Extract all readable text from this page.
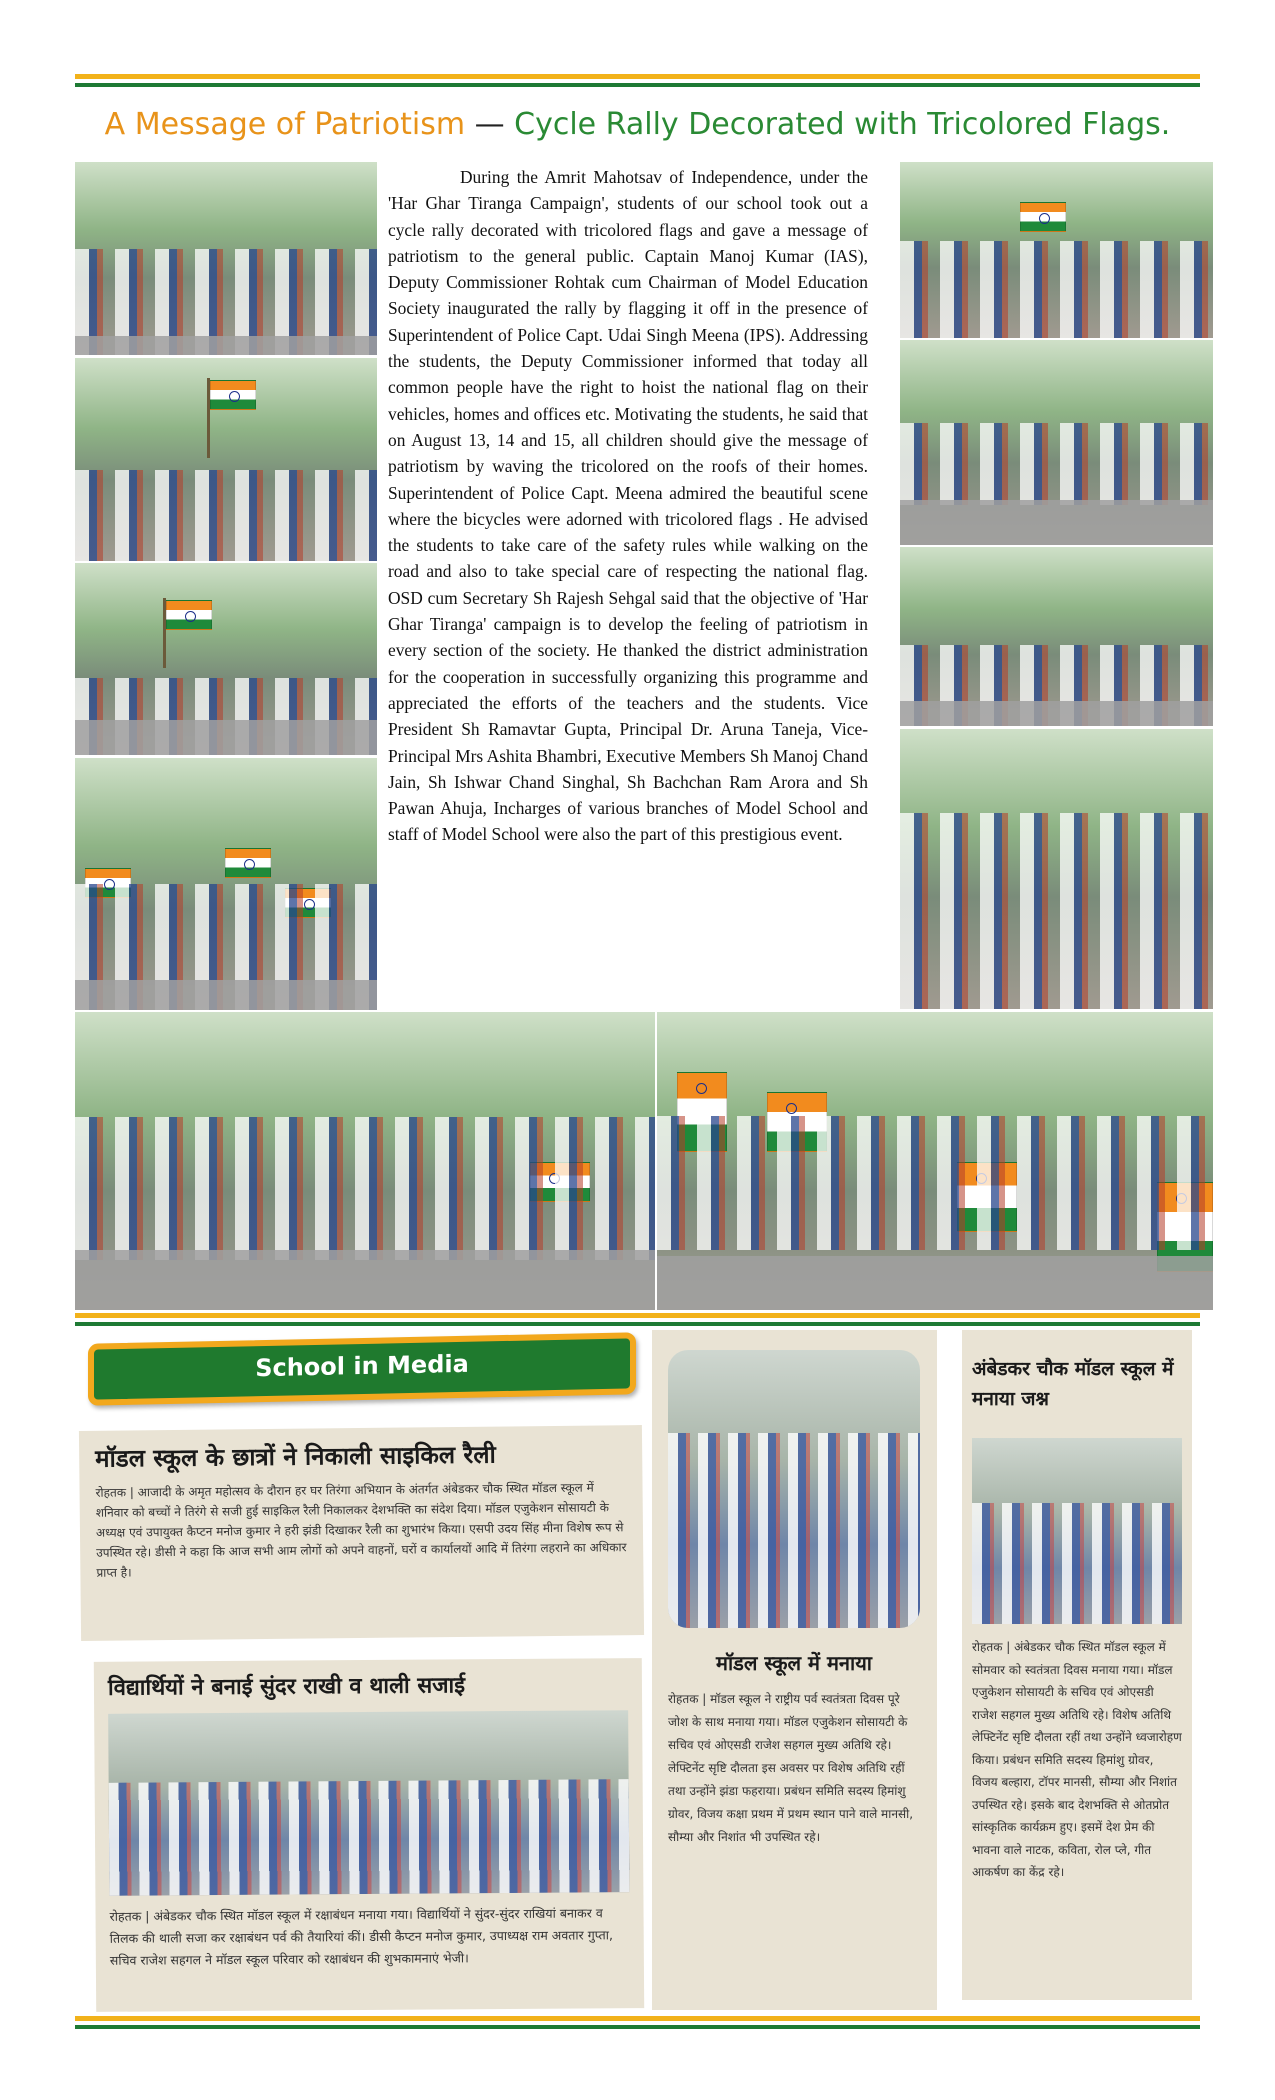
A Message of Patriotism — Cycle Rally Decorated with Tricolored Flags.
During the Amrit Mahotsav of Independence, under the 'Har Ghar Tiranga Campaign', students of our school took out a cycle rally decorated with tricolored flags and gave a message of patriotism to the general public. Captain Manoj Kumar (IAS), Deputy Commissioner Rohtak cum Chairman of Model Education Society inaugurated the rally by flagging it off in the presence of Superintendent of Police Capt. Udai Singh Meena (IPS). Addressing the students, the Deputy Commissioner informed that today all common people have the right to hoist the national flag on their vehicles, homes and offices etc. Motivating the students, he said that on August 13, 14 and 15, all children should give the message of patriotism by waving the tricolored on the roofs of their homes. Superintendent of Police Capt. Meena admired the beautiful scene where the bicycles were adorned with tricolored flags . He advised the students to take care of the safety rules while walking on the road and also to take special care of respecting the national flag. OSD cum Secretary Sh Rajesh Sehgal said that the objective of 'Har Ghar Tiranga' campaign is to develop the feeling of patriotism in every section of the society. He thanked the district administration for the cooperation in successfully organizing this programme and appreciated the efforts of the teachers and the students. Vice President Sh Ramavtar Gupta, Principal Dr. Aruna Taneja, Vice-Principal Mrs Ashita Bhambri, Executive Members Sh Manoj Chand Jain, Sh Ishwar Chand Singhal, Sh Bachchan Ram Arora and Sh Pawan Ahuja, Incharges of various branches of Model School and staff of Model School were also the part of this prestigious event.
School in Media
मॉडल स्कूल के छात्रों ने निकाली साइकिल रैली
रोहतक | आजादी के अमृत महोत्सव के दौरान हर घर तिरंगा अभियान के अंतर्गत अंबेडकर चौक स्थित मॉडल स्कूल में शनिवार को बच्चों ने तिरंगे से सजी हुई साइकिल रैली निकालकर देशभक्ति का संदेश दिया। मॉडल एजुकेशन सोसायटी के अध्यक्ष एवं उपायुक्त कैप्टन मनोज कुमार ने हरी झंडी दिखाकर रैली का शुभारंभ किया। एसपी उदय सिंह मीना विशेष रूप से उपस्थित रहे। डीसी ने कहा कि आज सभी आम लोगों को अपने वाहनों, घरों व कार्यालयों आदि में तिरंगा लहराने का अधिकार प्राप्त है।
विद्यार्थियों ने बनाई सुंदर राखी व थाली सजाई
रोहतक | अंबेडकर चौक स्थित मॉडल स्कूल में रक्षाबंधन मनाया गया। विद्यार्थियों ने सुंदर-सुंदर राखियां बनाकर व तिलक की थाली सजा कर रक्षाबंधन पर्व की तैयारियां कीं। डीसी कैप्टन मनोज कुमार, उपाध्यक्ष राम अवतार गुप्ता, सचिव राजेश सहगल ने मॉडल स्कूल परिवार को रक्षाबंधन की शुभकामनाएं भेजी।
मॉडल स्कूल में मनाया
रोहतक | मॉडल स्कूल ने राष्ट्रीय पर्व स्वतंत्रता दिवस पूरे जोश के साथ मनाया गया। मॉडल एजुकेशन सोसायटी के सचिव एवं ओएसडी राजेश सहगल मुख्य अतिथि रहे। लेफ्टिनेंट सृष्टि दौलता इस अवसर पर विशेष अतिथि रहीं तथा उन्होंने झंडा फहराया। प्रबंधन समिति सदस्य हिमांशु ग्रोवर, विजय कक्षा प्रथम में प्रथम स्थान पाने वाले मानसी, सौम्या और निशांत भी उपस्थित रहे।
अंबेडकर चौक मॉडल स्कूल में मनाया जश्न
रोहतक | अंबेडकर चौक स्थित मॉडल स्कूल में सोमवार को स्वतंत्रता दिवस मनाया गया। मॉडल एजुकेशन सोसायटी के सचिव एवं ओएसडी राजेश सहगल मुख्य अतिथि रहे। विशेष अतिथि लेफ्टिनेंट सृष्टि दौलता रहीं तथा उन्होंने ध्वजारोहण किया। प्रबंधन समिति सदस्य हिमांशु ग्रोवर, विजय बल्हारा, टॉपर मानसी, सौम्या और निशांत उपस्थित रहे। इसके बाद देशभक्ति से ओतप्रोत सांस्कृतिक कार्यक्रम हुए। इसमें देश प्रेम की भावना वाले नाटक, कविता, रोल प्ले, गीत आकर्षण का केंद्र रहे।
